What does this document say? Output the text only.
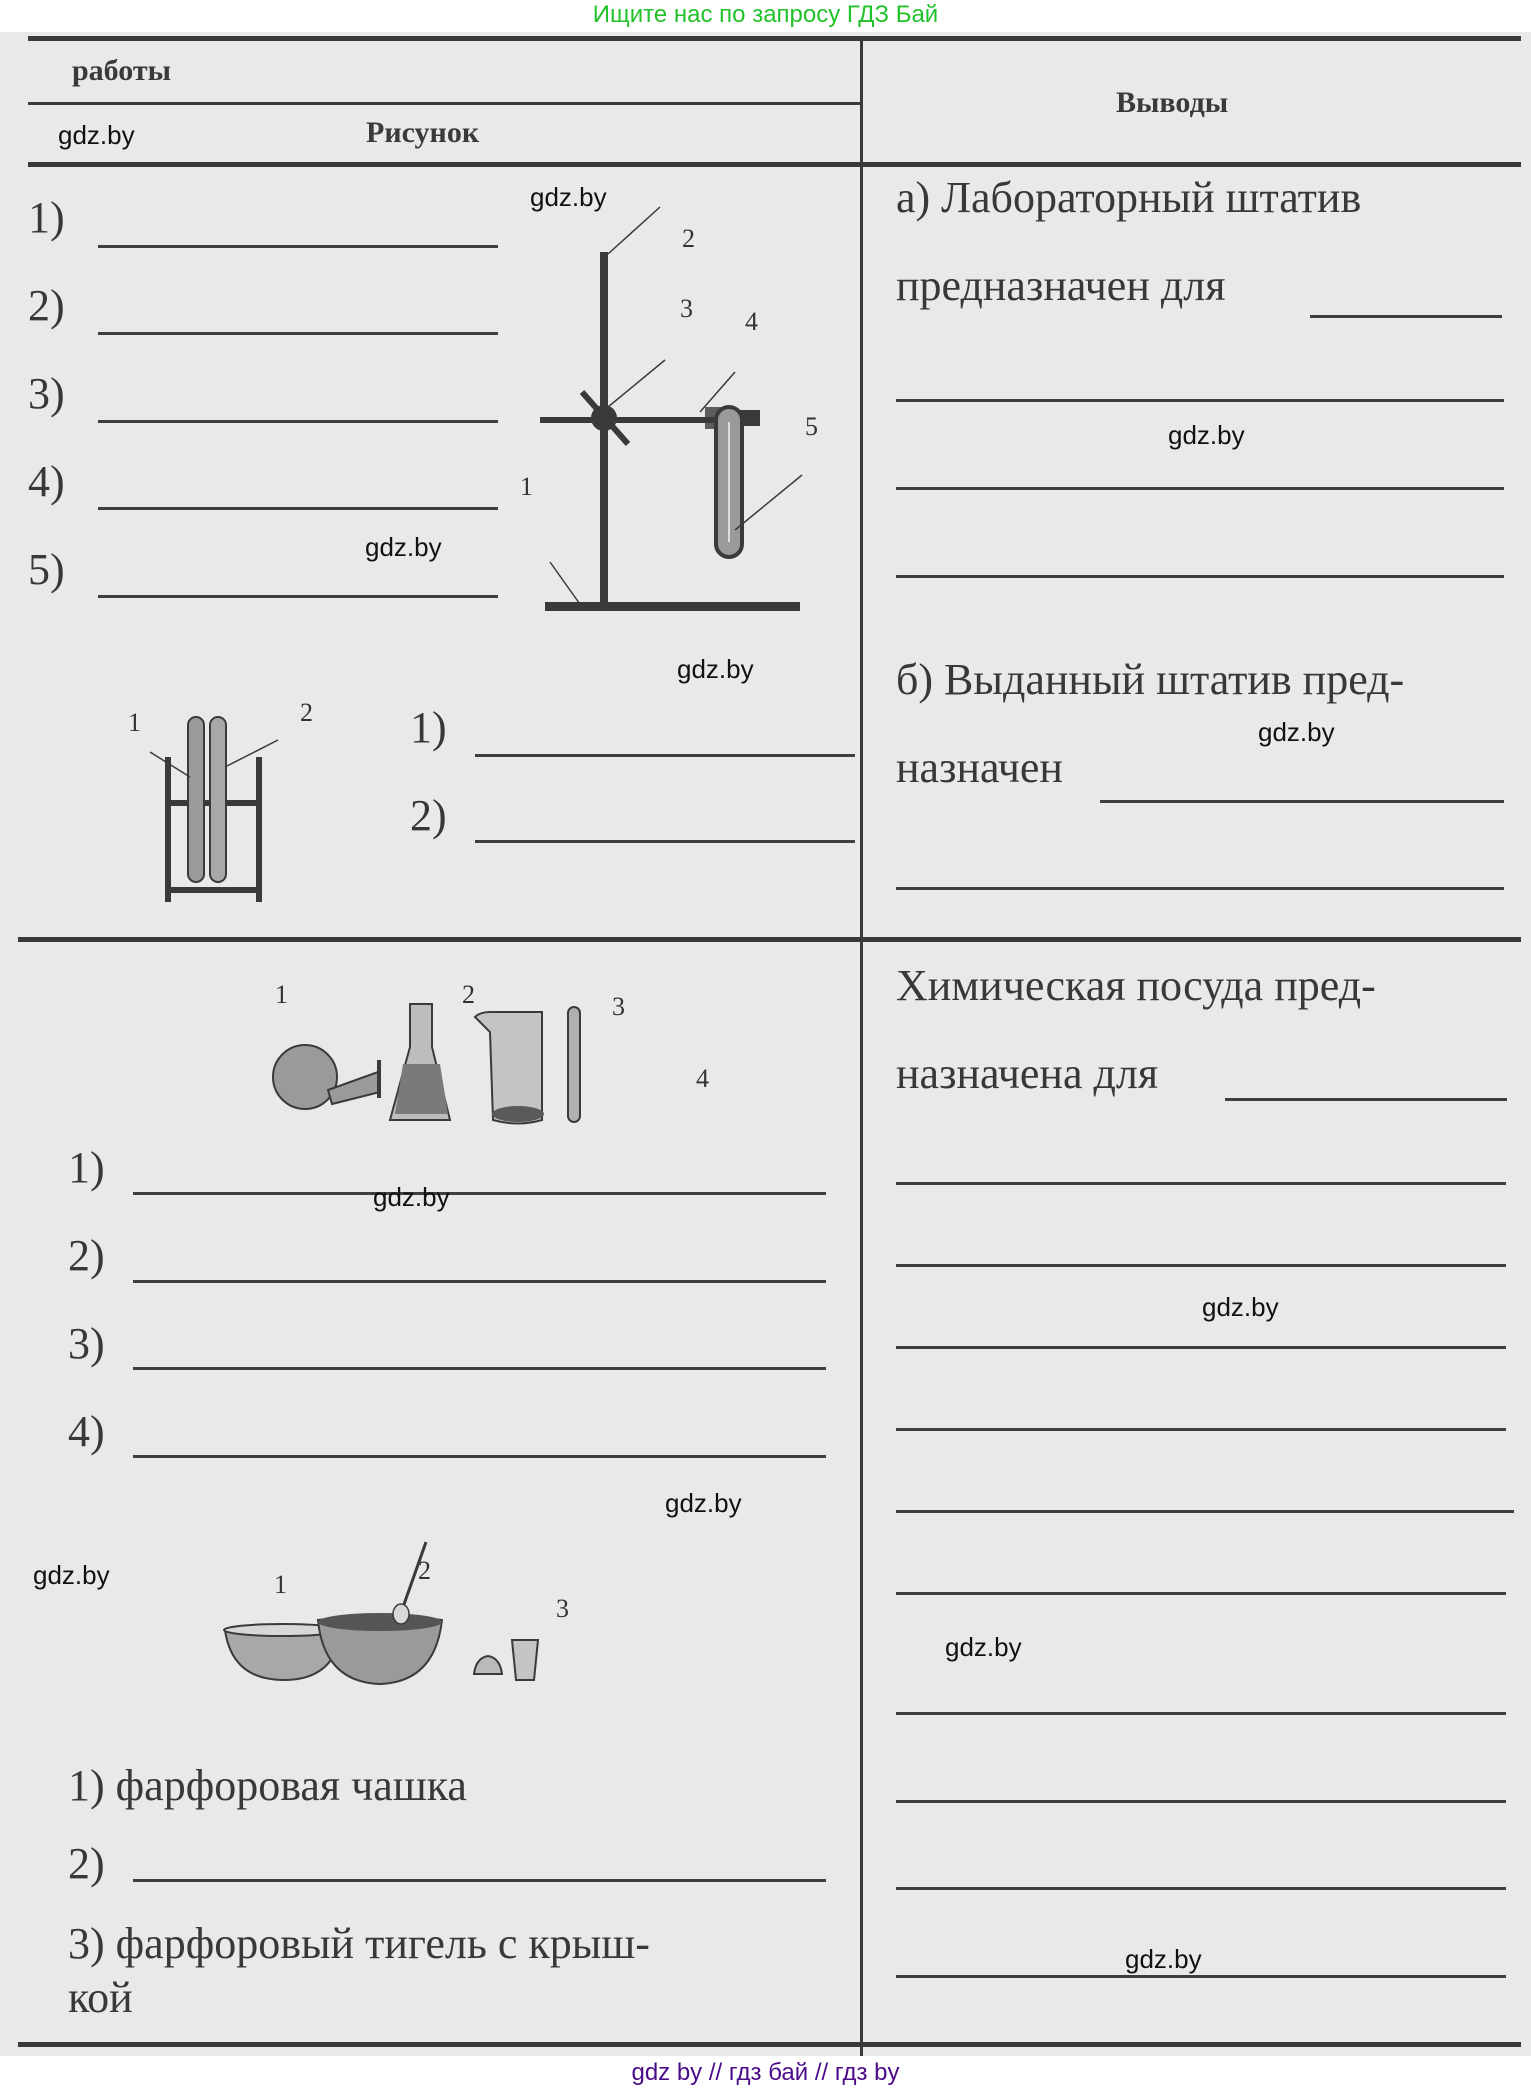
Ищите нас по запросу ГДЗ Бай
работы
Рисунок
Выводы
1)
2)
3)
4)
5)
2
3 4
5
1
а) Лабораторный штатив
предназначен для
1	2 1)
2)
б) Выданный штатив пред-
назначен
1	2	3
4
1)
2)
3)
4)
Химическая посуда пред-
назначена для
1	2
3
1) фарфоровая чашка
2)
3) фарфоровый тигель с крыш-
кой
gdz.by
gdz.by
gdz.by
gdz.by
gdz.by
gdz.by
gdz.by
gdz.by
gdz.by
gdz.by
gdz.by
gdz.by
gdz by // гдз бай // гдз by
